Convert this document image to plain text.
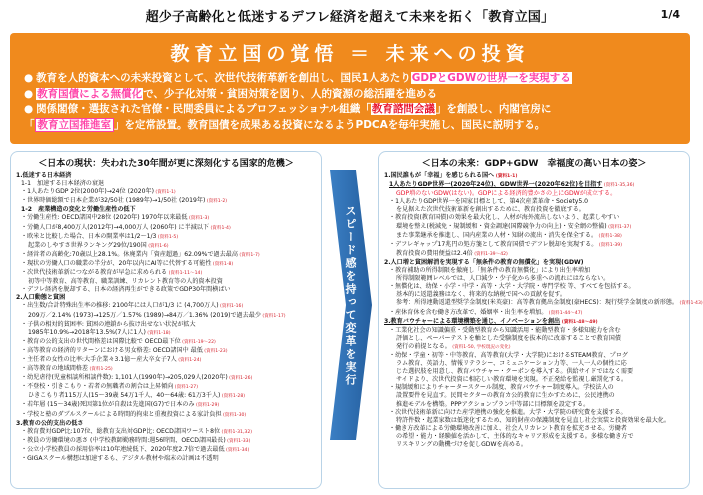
超少子高齢化と低迷するデフレ経済を超えて未来を拓く「教育立国」	1/4
教育立国の覚悟 ＝ 未来への投資
● 教育を人的資本への未来投資として、次世代技術革新を創出し、国民1人あたりGDPとGDWの世界一を実現する
● 教育国債による無償化で、少子化対策・貧困対策を図り、人的資源の総活躍を進める
● 関係閣僚・選抜された官僚・民間委員によるプロフェッショナル組織「教育諮問会議」を創設し、内閣官房に
「 教育立国推進室 」を定常設置。教育国債を成果ある投資になるようPDCAを毎年実施し、国民に説明する。
＜日本の現状：失われた30年間が更に深刻化する国家的危機＞
1.低迷する日本経済
1-1　加速する日本経済の衰退
・1人あたりGDP 2位(2000年)→24位 (2020年) (資料1-1)
・世界時価総額で日本企業が32/50社 (1989年)→1/50社 (2019年) (資料1-2)
1-2　産業構造の変化と労働生産性の低下
・労働生産性: OECD諸国中28位 (2020年) 1970年以来最低 (資料1-3)
・労働人口が8,400万人(2012年)→4,000万人 (2060年) に半減以下 (資料1-4)
・欧米と比較した場合、日本の開業率は1/2～1/3 (資料1-5)
起業のしやすさ世界ランキング29位/190国 (資料1-6)
・経営者の高齢化:70歳以上28.1%。休廃業内「資産超過」62.09%で過去最高 (資料1-7)
・現状の労働人口の職業の半分が、20年以内にAI等に代替する可能性 (資料1-8)
・次世代技術革新につながる教育が早急に求められる (資料1-11～14)
初等中等教育、高等教育、職業訓練、リカレント教育等の人的資本投資
・デフレ経済を脱却する、日本の経済再生ができる政策でGDP30年間横ばい
2.人口動態と貧困
・出生数/合計特殊出生率の推移: 2100年には人口が1/3 に (4,700万人) (資料1-16)
209万／2.14% (1973)→125万／1.57% (1989)→84万／1.36% (2019)で過去最少 (資料1-17)
・子供の相対的貧困率: 貧困の連鎖から抜け出せない状況が拡大
1985年10.9%→2018年13.5%(7人に1人) (資料1-18)
・教育の公的支出の世代間格差は国際比較で OECD最下位 (資料1-19～22)
・高等教育の経済的リターンにおける男女格差: OECD諸国中 最低 (資料1-23)
・主任者の女性の比率:大手企業々3.1億～産大卒女子7人 (資料1-24)
・高等教育の地域間格差 (資料1-25)
・幼児虐待(児童相談所相談件数): 1,101人(1990年)→205,029人(2020年) (資料1-26)
・不登校・引きこもり・若者の無職者の割合は上昇傾向 (資料1-27)
ひきこもり者115万人(15～39歳 54万1千人、40～64歳: 61万3千人) (資料1-28)
・若年層 (15～34歳)死因第1位が自殺は先進国(G7)で日本のみ (資料1-29)
・学校と塾のダブルスクールによる時間的拘束と重複投資による家計負担 (資料1-30)
3.教育の公的支出の低さ
・教育費対GDP比:107位、総教育支出対GDP比: OECD諸国ワースト8位 (資料1-31,32)
・教員の労働環境の悪さ (中学校教師勤務時間:週56時間、OECD諸国最長) (資料1-33)
・公立小学校教員の採用倍率は10年連続低下、2020年度2.7倍で過去最低 (資料1-34)
・GIGAスクール構想は加速するも、デジタル教材や端末の計画は不透明
スピード感を持って変革を実行
＜日本の未来：GDP+GDW　幸福度の高い日本の姿＞
1.国民誰もが「幸福」を感じられる国へ (資料1-1)
1人あたりGDP世界一(2020年24位)、GDW世界一(2020年62位)を目指す (資料1-35,36)
GDP増のないGDW(はない)。GDPによる経済的豊かさの上にGDWが成立する。
・1人あたりGDP世界一を国家目標として、第4次産業革命・Society5.0
を見据えた次世代技術革新を創出するために、教育投資を徹底する。
・教育投資(教育国債)の効果を最大化し、人材が海外流出しないよう、起業しやすい
環境を整え(税減免・規制緩和・資金調達(国際競争力の向上)・安全網の整備) (資料1-37)
また事業継承を推進し、国内産業の人材・知財の流出・消失を保全する。 (資料1-38)
・デフレギャップ17兆円の処方箋として教育国債でデフレ脱却を実現する。 (資料1-39)
教育投資の費用便益は2.4倍 (資料1-39～42)
2.人口増と貧困解消を実現する「無条件の教育の無償化」を実現(GDW)
・教育補助の所得制限を撤廃し「無条件の教育無償化」により出生率増加
所得制限範囲レベルでは、人口減少・少子化から多重への流れにはならない。
・無償化は、幼保・小学・中学・高等・大学・大学院・専門学校 等、すべてを包括する。
基本的に返還義務はなく、将来的な納税で国への貢献を促す。
参考：所得連動返還型奨学金制度(米英豪)：高等教育拠出金制度(豪HECS)：現行奨学金制度の新形態。 (資料1-43)
・産休育休を含む働き方改革で、婚姻率・出生率を増加。 (資料1-44～47)
3.教育バウチャーによる環境構築を通じ、イノベーションを創出 (資料1-48～49)
・工業化社会の知識偏重・受動型教育から知識活用・能動型教育・多様知能力を含む
評価とし、ペーパーテストを軸とした受験制度を抜本的に改革することで教育国債
発行の前提となる。 (資料1-50, 学校現況の変化)
・幼保・学童・初等・中等教育、高等教育(大学・大学院)におけるSTEAM教育、プログ
ラム教育、英語力、情報リテラシー、コミュニケーション力等、一人一人の個性に応
じた選択肢を用意し、教育バウチャー・クーポンを導入する。供給サイドではなく需要
サイドより、次世代投資に相応しい教育環境を実現。不正発給を監視し厳罰化する。
・規制緩和によりチャータースクール制度、教育バウチャー制度導入。学校法人の
設置要件を見直す。民間セクターの教育カ公的教育に生かすために、公民連携の
推進モデルを構築。PPPアクションプラン中等部に目標額を設定する。
・次世代技術革新に向けた産学連携の強化を推進。大学・大学院の研究費を支援する。
特許件数・起業家数は低迷化するため、知的財産の保護制度を見直し社会実装と投資効果を最大化。
・働き方改革による労働環境改善に加え、社会人リカレント教育を拡充させる。労働者
の希望・能力・経験値を活かして、主体的なキャリア形成を支援する。多様な働き方で
リスキリングの動機づけを促しGDWを高める。
